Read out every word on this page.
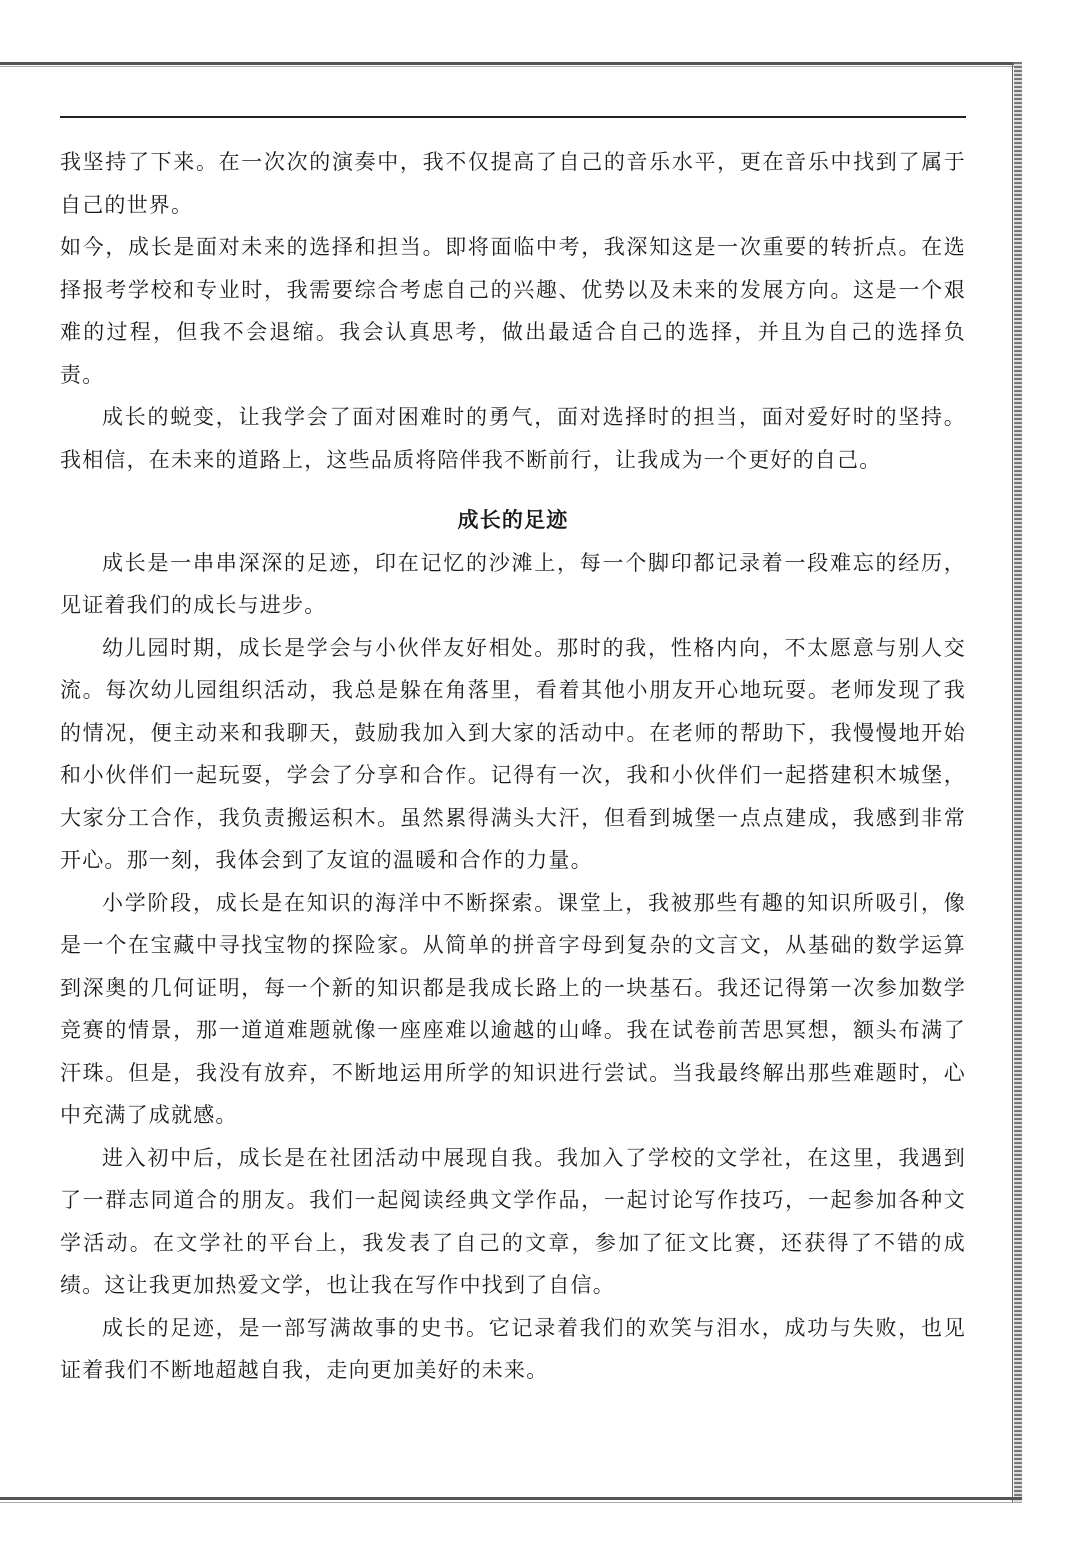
我坚持了下来。在一次次的演奏中，我不仅提高了自己的音乐水平，更在音乐中找到了属于自己的世界。

如今，成长是面对未来的选择和担当。即将面临中考，我深知这是一次重要的转折点。在选择报考学校和专业时，我需要综合考虑自己的兴趣、优势以及未来的发展方向。这是一个艰难的过程，但我不会退缩。我会认真思考，做出最适合自己的选择，并且为自己的选择负责。

成长的蜕变，让我学会了面对困难时的勇气，面对选择时的担当，面对爱好时的坚持。我相信，在未来的道路上，这些品质将陪伴我不断前行，让我成为一个更好的自己。

成长的足迹

成长是一串串深深的足迹，印在记忆的沙滩上，每一个脚印都记录着一段难忘的经历，见证着我们的成长与进步。

幼儿园时期，成长是学会与小伙伴友好相处。那时的我，性格内向，不太愿意与别人交流。每次幼儿园组织活动，我总是躲在角落里，看着其他小朋友开心地玩耍。老师发现了我的情况，便主动来和我聊天，鼓励我加入到大家的活动中。在老师的帮助下，我慢慢地开始和小伙伴们一起玩耍，学会了分享和合作。记得有一次，我和小伙伴们一起搭建积木城堡，大家分工合作，我负责搬运积木。虽然累得满头大汗，但看到城堡一点点建成，我感到非常开心。那一刻，我体会到了友谊的温暖和合作的力量。

小学阶段，成长是在知识的海洋中不断探索。课堂上，我被那些有趣的知识所吸引，像是一个在宝藏中寻找宝物的探险家。从简单的拼音字母到复杂的文言文，从基础的数学运算到深奥的几何证明，每一个新的知识都是我成长路上的一块基石。我还记得第一次参加数学竞赛的情景，那一道道难题就像一座座难以逾越的山峰。我在试卷前苦思冥想，额头布满了汗珠。但是，我没有放弃，不断地运用所学的知识进行尝试。当我最终解出那些难题时，心中充满了成就感。

进入初中后，成长是在社团活动中展现自我。我加入了学校的文学社，在这里，我遇到了一群志同道合的朋友。我们一起阅读经典文学作品，一起讨论写作技巧，一起参加各种文学活动。在文学社的平台上，我发表了自己的文章，参加了征文比赛，还获得了不错的成绩。这让我更加热爱文学，也让我在写作中找到了自信。

成长的足迹，是一部写满故事的史书。它记录着我们的欢笑与泪水，成功与失败，也见证着我们不断地超越自我，走向更加美好的未来。
